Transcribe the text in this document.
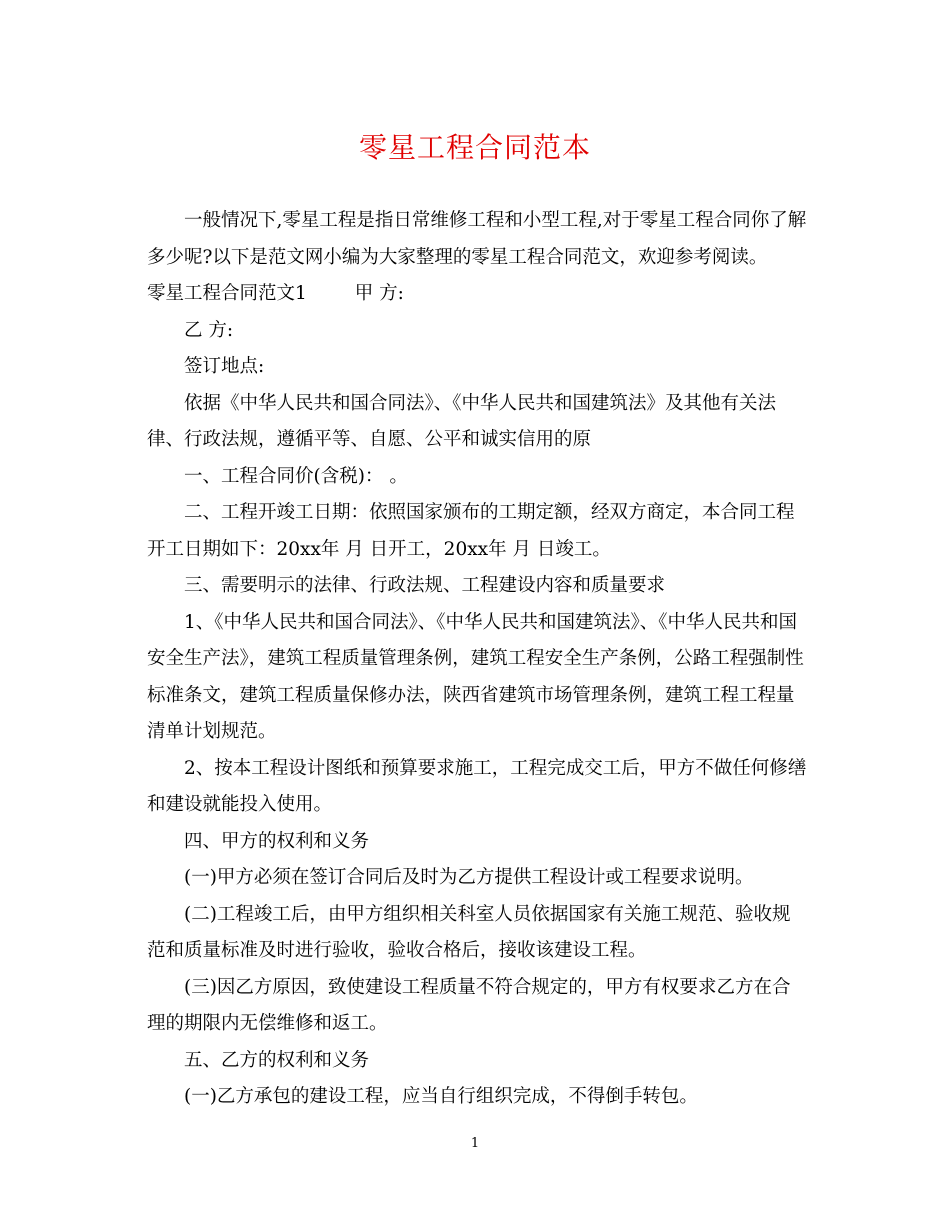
零星工程合同范本

一般情况下,零星工程是指日常维修工程和小型工程,对于零星工程合同你了解多少呢?以下是范文网小编为大家整理的零星工程合同范文，欢迎参考阅读。

零星工程合同范文1	甲 方:

乙 方:

签订地点:

依据《中华人民共和国合同法》、《中华人民共和国建筑法》及其他有关法律、行政法规，遵循平等、自愿、公平和诚实信用的原

一、工程合同价(含税)： 。

二、工程开竣工日期：依照国家颁布的工期定额，经双方商定，本合同工程开工日期如下：20xx年 月 日开工，20xx年 月 日竣工。

三、需要明示的法律、行政法规、工程建设内容和质量要求

1、《中华人民共和国合同法》、《中华人民共和国建筑法》、《中华人民共和国安全生产法》，建筑工程质量管理条例，建筑工程安全生产条例，公路工程强制性标准条文，建筑工程质量保修办法，陕西省建筑市场管理条例，建筑工程工程量清单计划规范。

2、按本工程设计图纸和预算要求施工，工程完成交工后，甲方不做任何修缮和建设就能投入使用。

四、甲方的权利和义务

(一)甲方必须在签订合同后及时为乙方提供工程设计或工程要求说明。

(二)工程竣工后，由甲方组织相关科室人员依据国家有关施工规范、验收规范和质量标准及时进行验收，验收合格后，接收该建设工程。

(三)因乙方原因，致使建设工程质量不符合规定的，甲方有权要求乙方在合理的期限内无偿维修和返工。

五、乙方的权利和义务

(一)乙方承包的建设工程，应当自行组织完成，不得倒手转包。

1
